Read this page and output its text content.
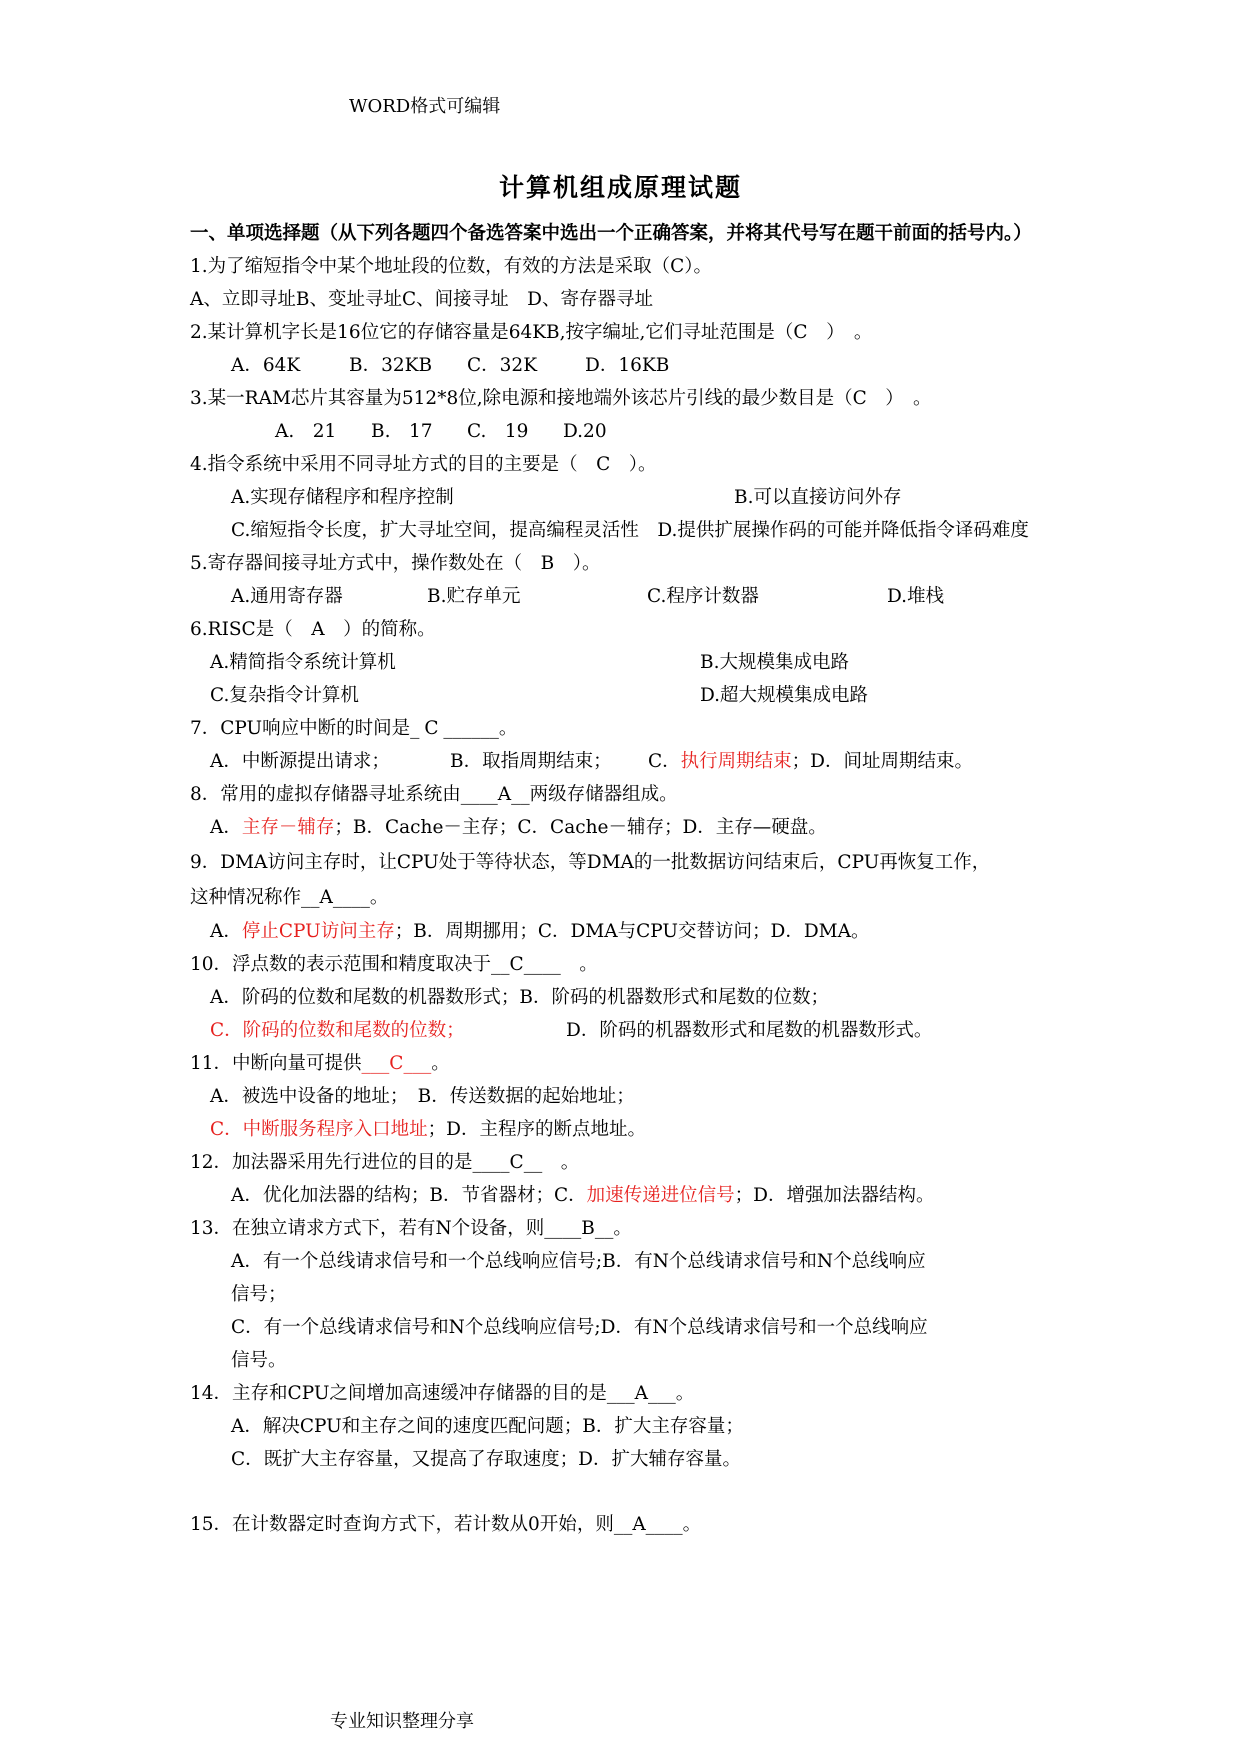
WORD格式可编辑
计算机组成原理试题
一、单项选择题（从下列各题四个备选答案中选出一个正确答案，并将其代号写在题干前面的括号内。）
1.为了缩短指令中某个地址段的位数，有效的方法是采取（C）。
A、立即寻址B、变址寻址C、间接寻址　D、寄存器寻址
2.某计算机字长是16位它的存储容量是64KB,按字编址,它们寻址范围是（C　）　。
A．64K	B．32KB C．32K	D．16KB
3.某一RAM芯片其容量为512*8位,除电源和接地端外该芯片引线的最少数目是（C　）　。
A.　21 B.　17 C.　19 D.20
4.指令系统中采用不同寻址方式的目的主要是（　C　）。
A.实现存储程序和程序控制	B.可以直接访问外存
C.缩短指令长度，扩大寻址空间，提高编程灵活性　D.提供扩展操作码的可能并降低指令译码难度
5.寄存器间接寻址方式中，操作数处在（　B　）。
A.通用寄存器	B.贮存单元	C.程序计数器	D.堆栈
6.RISC是（　A　）的简称。
A.精简指令系统计算机	B.大规模集成电路
C.复杂指令计算机	D.超大规模集成电路
7．CPU响应中断的时间是_ C ______。
A．中断源提出请求；	B．取指周期结束； C．执行周期结束；D．间址周期结束。
8．常用的虚拟存储器寻址系统由____A__两级存储器组成。
A．主存－辅存；B．Cache－主存；C．Cache－辅存；D．主存—硬盘。
9．DMA访问主存时，让CPU处于等待状态，等DMA的一批数据访问结束后，CPU再恢复工作，
这种情况称作__A____。
A．停止CPU访问主存；B．周期挪用；C．DMA与CPU交替访问；D．DMA。
10．浮点数的表示范围和精度取决于__C____　。
A．阶码的位数和尾数的机器数形式；B．阶码的机器数形式和尾数的位数；
C．阶码的位数和尾数的位数；	D．阶码的机器数形式和尾数的机器数形式。
11．中断向量可提供___C___。
A．被选中设备的地址；　B．传送数据的起始地址；
C．中断服务程序入口地址；D．主程序的断点地址。
12．加法器采用先行进位的目的是____C__　。
A．优化加法器的结构；B．节省器材；C．加速传递进位信号；D．增强加法器结构。
13．在独立请求方式下，若有N个设备，则____B__。
A．有一个总线请求信号和一个总线响应信号;B．有N个总线请求信号和N个总线响应
信号；
C．有一个总线请求信号和N个总线响应信号;D．有N个总线请求信号和一个总线响应
信号。
14．主存和CPU之间增加高速缓冲存储器的目的是___A___。
A．解决CPU和主存之间的速度匹配问题；B．扩大主存容量；
C．既扩大主存容量，又提高了存取速度；D．扩大辅存容量。
15．在计数器定时查询方式下，若计数从0开始，则__A____。
专业知识整理分享
